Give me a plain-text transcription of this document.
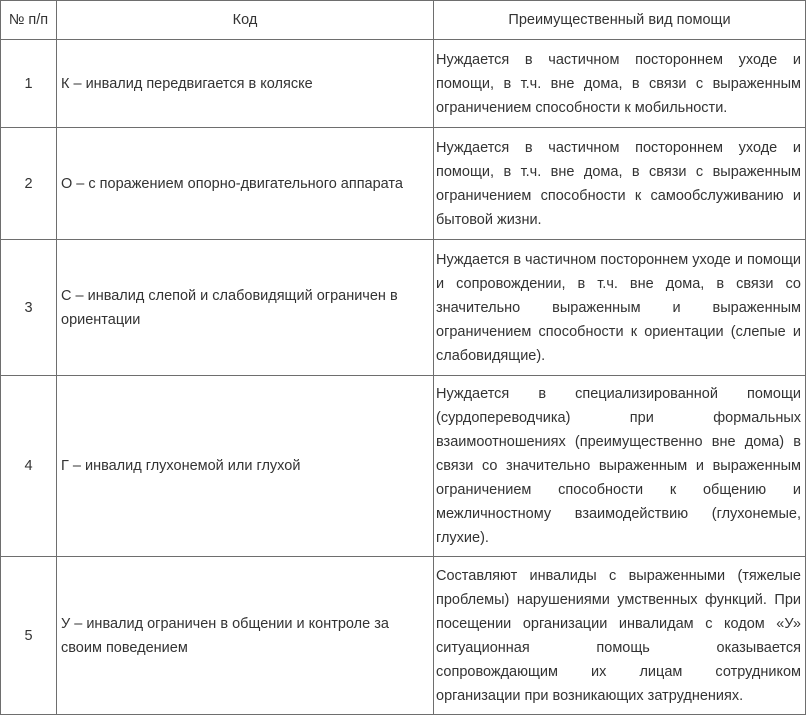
№ п/п	Код	Преимущественный вид помощи
1	К – инвалид передвигается в коляске	Нуждается в частичном постороннем уходе и помощи, в т.ч. вне дома, в связи с выраженным ограничением способности к мобильности.
2	О – с поражением опорно-двигательного аппарата	Нуждается в частичном постороннем уходе и помощи, в т.ч. вне дома, в связи с выраженным ограничением способности к самообслуживанию и бытовой жизни.
3	С – инвалид слепой и слабовидящий ограничен в ориентации	Нуждается в частичном постороннем уходе и помощи и сопровождении, в т.ч. вне дома, в связи со значительно выраженным и выраженным ограничением способности к ориентации (слепые и слабовидящие).
4	Г – инвалид глухонемой или глухой	Нуждается в специализированной помощи (сурдопереводчика) при формальных взаимоотношениях (преимущественно вне дома) в связи со значительно выраженным и выраженным ограничением способности к общению и межличностному взаимодействию (глухонемые, глухие).
5	У – инвалид ограничен в общении и контроле за своим поведением	Составляют инвалиды с выраженными (тяжелые проблемы) нарушениями умственных функций. При посещении организации инвалидам с кодом «У» ситуационная помощь оказывается сопровождающим их лицам сотрудником организации при возникающих затруднениях.
